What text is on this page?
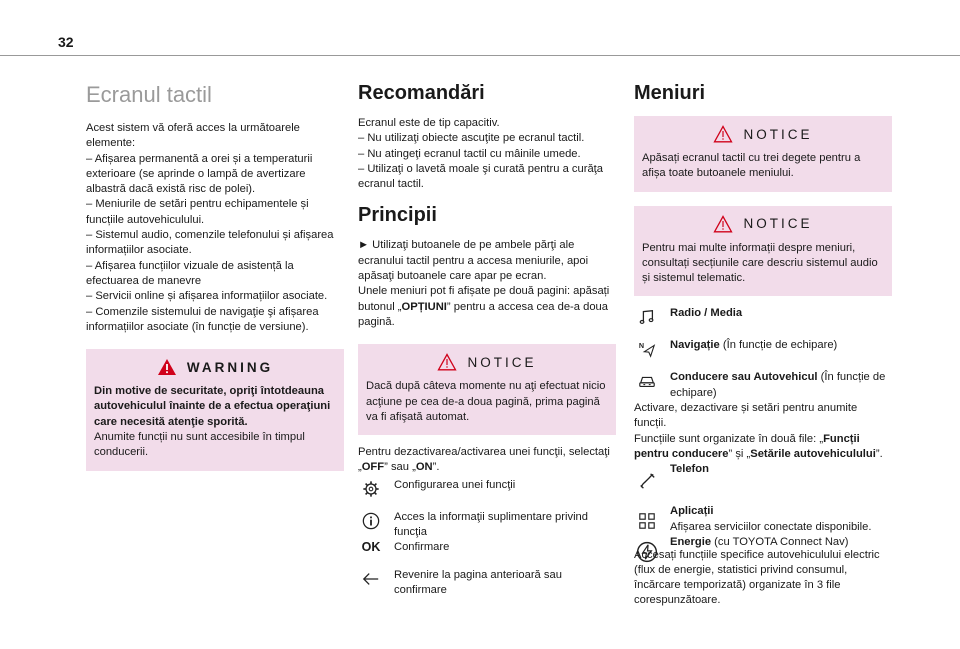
32
Ecranul tactil

Acest sistem vă oferă acces la următoarele elemente:

– Afișarea permanentă a orei și a temperaturii exterioare (se aprinde o lampă de avertizare albastră dacă există risc de polei).

– Meniurile de setări pentru echipamentele și funcțiile autovehiculului.

– Sistemul audio, comenzile telefonului și afișarea informațiilor asociate.

– Afișarea funcțiilor vizuale de asistență la efectuarea de manevre

– Servicii online și afișarea informațiilor asociate.

– Comenzile sistemului de navigaţie şi afișarea informațiilor asociate (în funcție de versiune).

WARNING

Din motive de securitate, opriţi întotdeauna autovehiculul înainte de a efectua operaţiuni care necesită atenţie sporită.

Anumite funcții nu sunt accesibile în timpul conducerii.

Recomandări

Ecranul este de tip capacitiv.

– Nu utilizaţi obiecte ascuţite pe ecranul tactil.

– Nu atingeţi ecranul tactil cu mâinile umede.

– Utilizaţi o lavetă moale şi curată pentru a curăţa ecranul tactil.

Principii

► Utilizaţi butoanele de pe ambele părţi ale ecranului tactil pentru a accesa meniurile, apoi apăsaţi butoanele care apar pe ecran.

Unele meniuri pot fi afișate pe două pagini: apăsați butonul „OPȚIUNI” pentru a accesa cea de-a doua pagină.

NOTICE

Dacă după câteva momente nu aţi efectuat nicio acţiune pe cea de-a doua pagină, prima pagină va fi afişată automat.

Pentru dezactivarea/activarea unei funcţii, selectaţi „OFF” sau „ON”.

Configurarea unei funcţii

Acces la informaţii suplimentare privind funcţia

OK	Confirmare

Revenire la pagina anterioară sau confirmare

Meniuri
NOTICE

Apăsați ecranul tactil cu trei degete pentru a afișa toate butoanele meniului.

NOTICE

Pentru mai multe informații despre meniuri, consultați secțiunile care descriu sistemul audio și sistemul telematic.

Radio / Media

N Navigație (În funcție de echipare)

Conducere sau Autovehicul (În funcție de echipare)

Activare, dezactivare și setări pentru anumite funcții.

Funcțiile sunt organizate în două file: „Funcții pentru conducere” și „Setările autovehiculului”.

Telefon

Aplicații

Afișarea serviciilor conectate disponibile.

Energie (cu TOYOTA Connect Nav)

Accesați funcțiile specifice autovehiculului electric (flux de energie, statistici privind consumul, încărcare temporizată) organizate în 3 file corespunzătoare.
